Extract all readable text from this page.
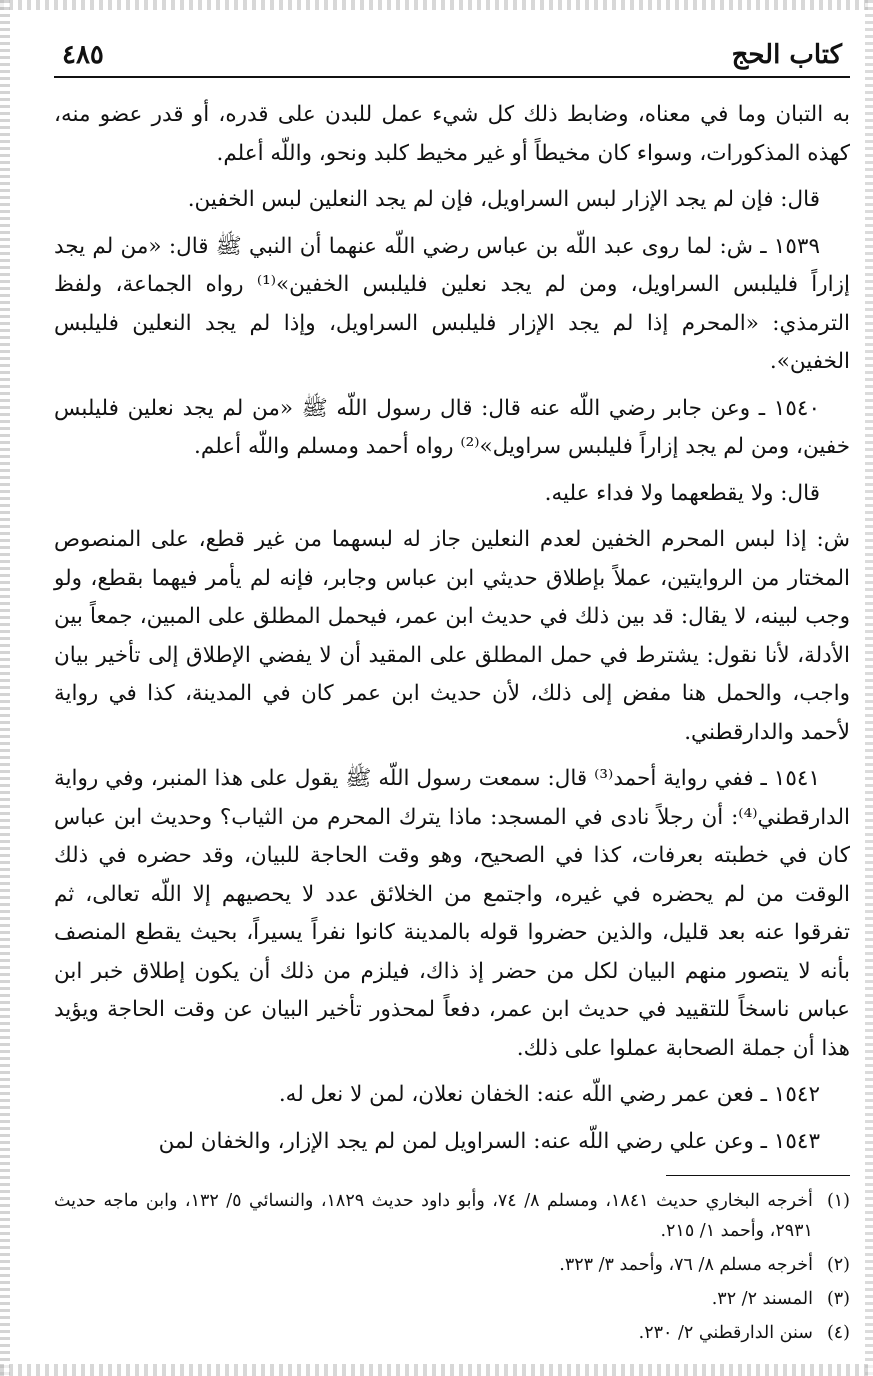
كتاب الحج
٤٨٥

به التبان وما في معناه، وضابط ذلك كل شيء عمل للبدن على قدره، أو قدر عضو منه، كهذه المذكورات، وسواء كان مخيطاً أو غير مخيط كلبد ونحو، واللّه أعلم.

قال: فإن لم يجد الإزار لبس السراويل، فإن لم يجد النعلين لبس الخفين.

١٥٣٩ ـ ش: لما روى عبد اللّه بن عباس رضي اللّه عنهما أن النبي ﷺ قال: «من لم يجد إزاراً فليلبس السراويل، ومن لم يجد نعلين فليلبس الخفين»⁽¹⁾ رواه الجماعة، ولفظ الترمذي: «المحرم إذا لم يجد الإزار فليلبس السراويل، وإذا لم يجد النعلين فليلبس الخفين».

١٥٤٠ ـ وعن جابر رضي اللّه عنه قال: قال رسول اللّه ﷺ «من لم يجد نعلين فليلبس خفين، ومن لم يجد إزاراً فليلبس سراويل»⁽²⁾ رواه أحمد ومسلم واللّه أعلم.

قال: ولا يقطعهما ولا فداء عليه.

ش: إذا لبس المحرم الخفين لعدم النعلين جاز له لبسهما من غير قطع، على المنصوص المختار من الروايتين، عملاً بإطلاق حديثي ابن عباس وجابر، فإنه لم يأمر فيهما بقطع، ولو وجب لبينه، لا يقال: قد بين ذلك في حديث ابن عمر، فيحمل المطلق على المبين، جمعاً بين الأدلة، لأنا نقول: يشترط في حمل المطلق على المقيد أن لا يفضي الإطلاق إلى تأخير بيان واجب، والحمل هنا مفض إلى ذلك، لأن حديث ابن عمر كان في المدينة، كذا في رواية لأحمد والدارقطني.

١٥٤١ ـ ففي رواية أحمد⁽³⁾ قال: سمعت رسول اللّه ﷺ يقول على هذا المنبر، وفي رواية الدارقطني⁽⁴⁾: أن رجلاً نادى في المسجد: ماذا يترك المحرم من الثياب؟ وحديث ابن عباس كان في خطبته بعرفات، كذا في الصحيح، وهو وقت الحاجة للبيان، وقد حضره في ذلك الوقت من لم يحضره في غيره، واجتمع من الخلائق عدد لا يحصيهم إلا اللّه تعالى، ثم تفرقوا عنه بعد قليل، والذين حضروا قوله بالمدينة كانوا نفراً يسيراً، بحيث يقطع المنصف بأنه لا يتصور منهم البيان لكل من حضر إذ ذاك، فيلزم من ذلك أن يكون إطلاق خبر ابن عباس ناسخاً للتقييد في حديث ابن عمر، دفعاً لمحذور تأخير البيان عن وقت الحاجة ويؤيد هذا أن جملة الصحابة عملوا على ذلك.

١٥٤٢ ـ فعن عمر رضي اللّه عنه: الخفان نعلان، لمن لا نعل له.

١٥٤٣ ـ وعن علي رضي اللّه عنه: السراويل لمن لم يجد الإزار، والخفان لمن

(١)
أخرجه البخاري حديث ١٨٤١، ومسلم ٨/ ٧٤، وأبو داود حديث ١٨٢٩، والنسائي ٥/ ١٣٢، وابن ماجه حديث ٢٩٣١، وأحمد ١/ ٢١٥.
(٢)
أخرجه مسلم ٨/ ٧٦، وأحمد ٣/ ٣٢٣.
(٣)
المسند ٢/ ٣٢.
(٤)
سنن الدارقطني ٢/ ٢٣٠.
